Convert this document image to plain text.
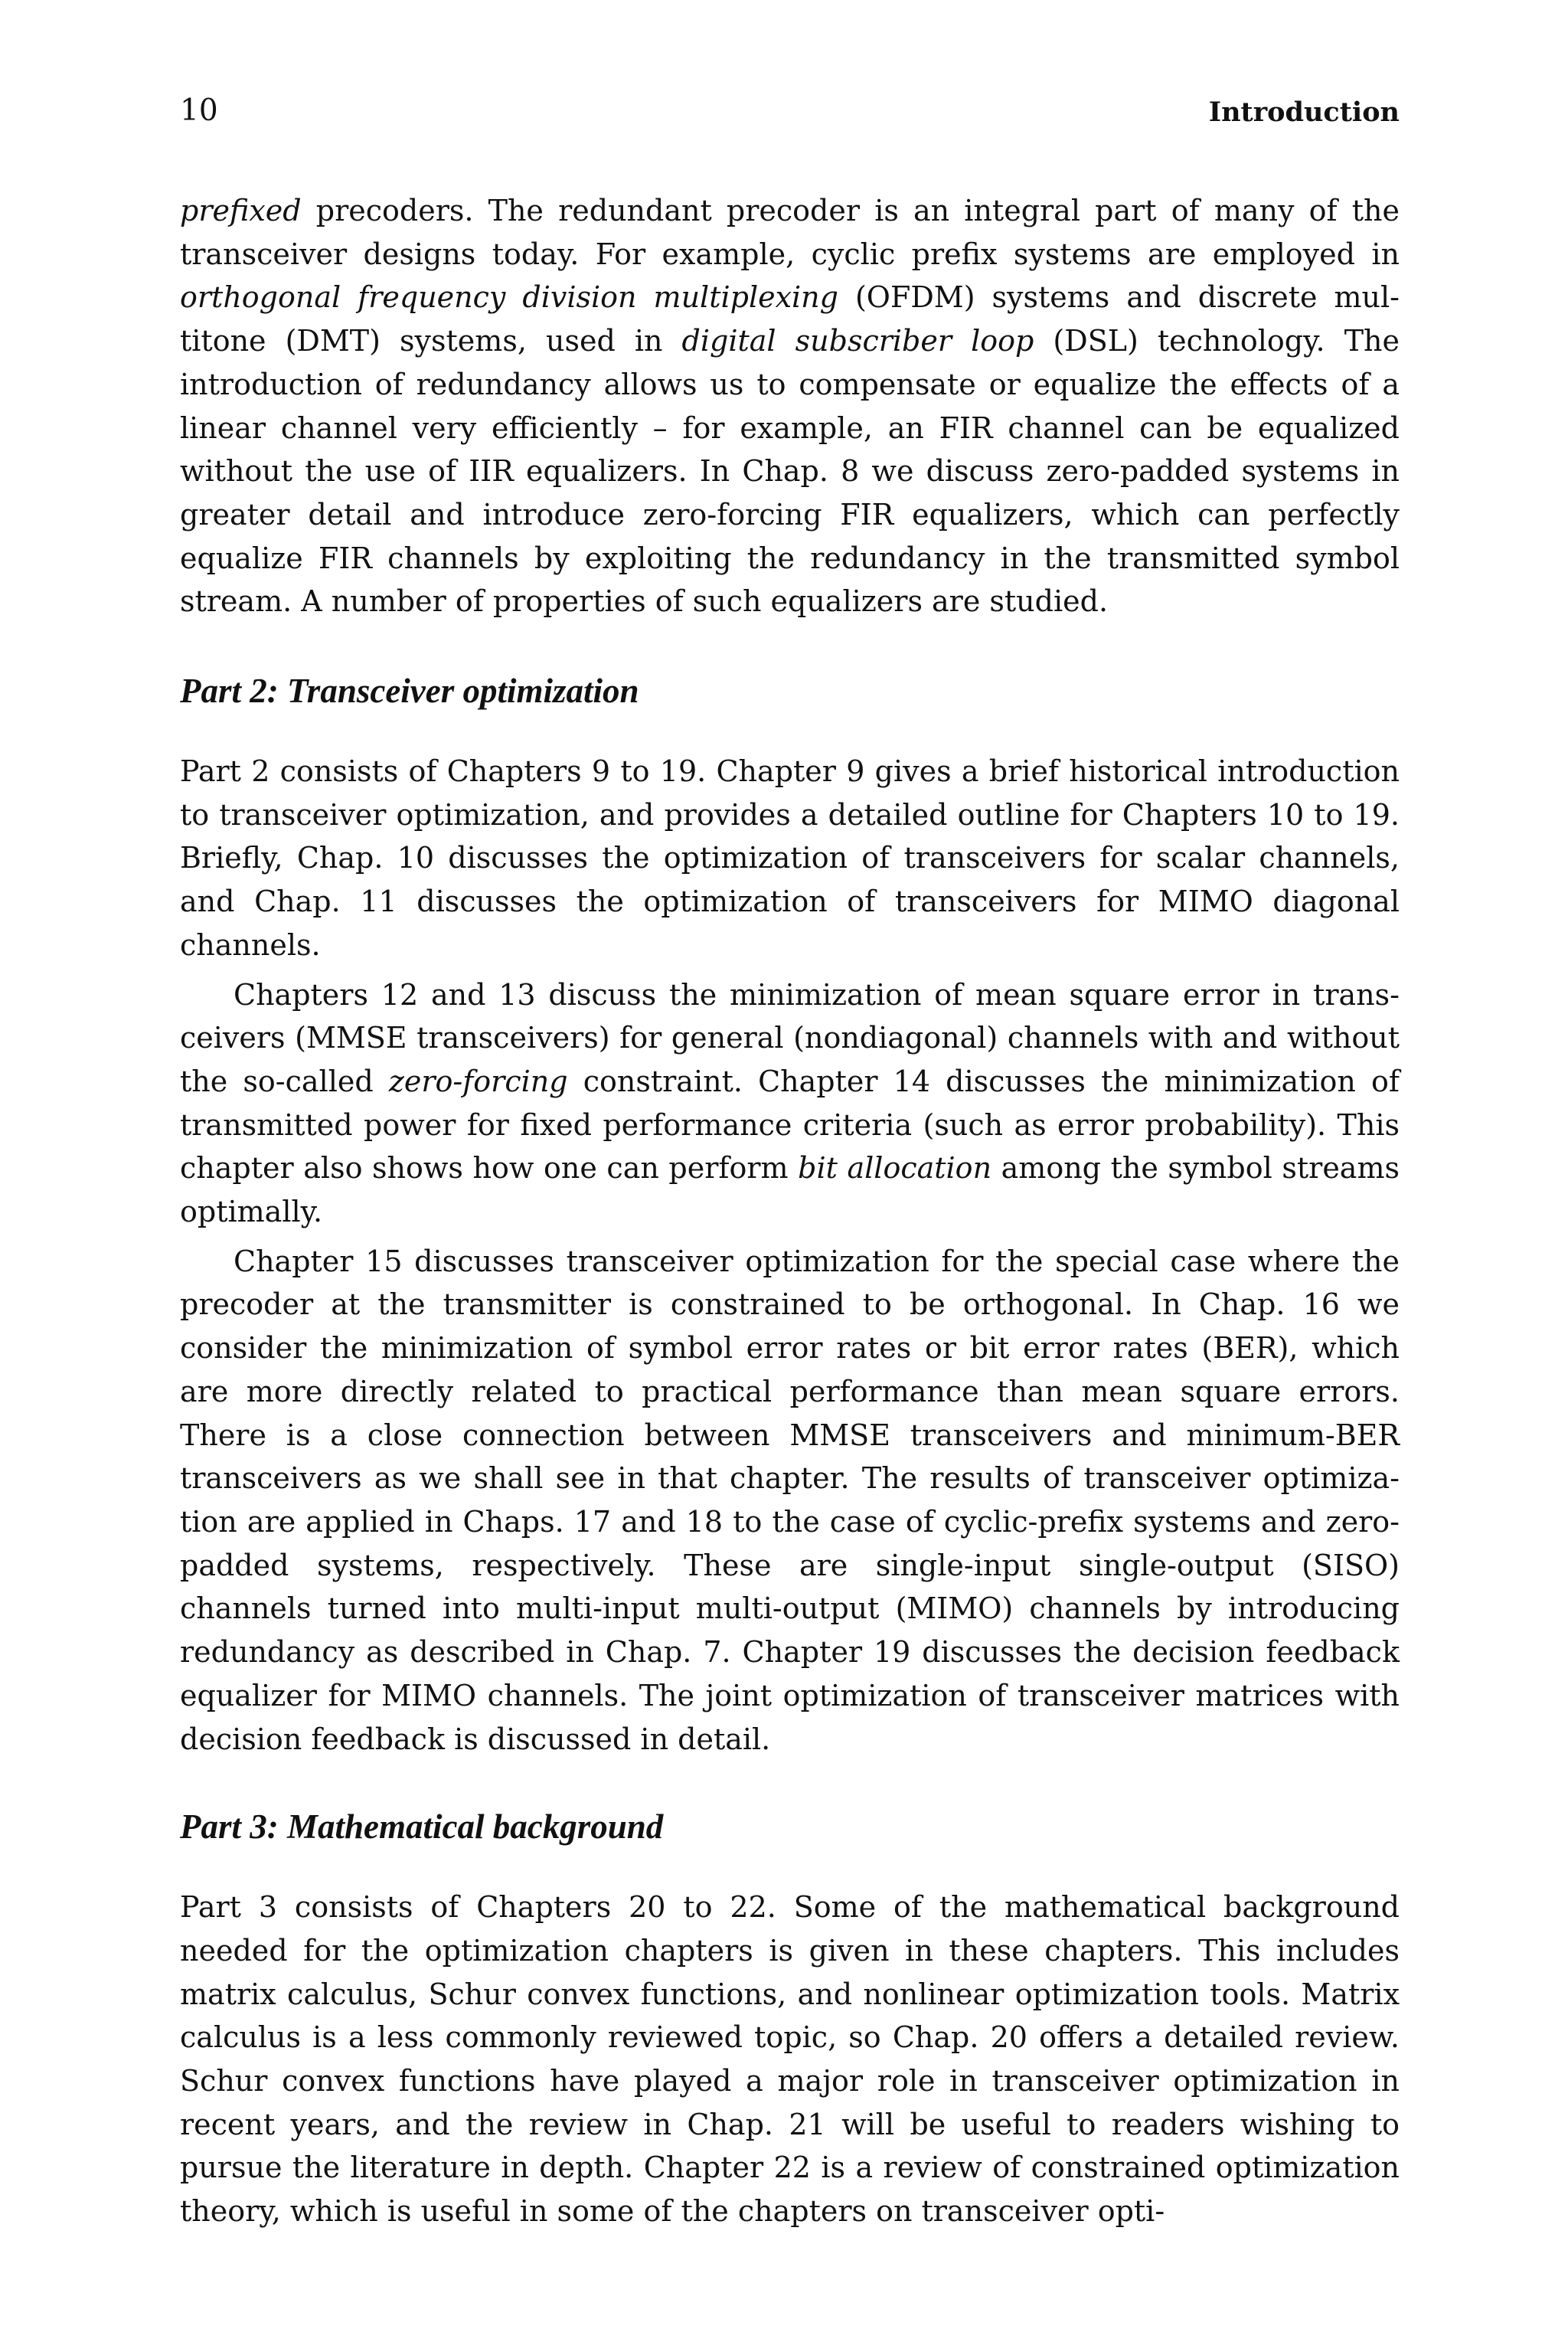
10	Introduction

prefixed precoders. The redundant precoder is an integral part of many of the transceiver designs today. For example, cyclic prefix systems are employed in orthogonal frequency division multiplexing (OFDM) systems and discrete multitone (DMT) systems, used in digital subscriber loop (DSL) technology. The introduction of redundancy allows us to compensate or equalize the effects of a linear channel very efficiently – for example, an FIR channel can be equalized without the use of IIR equalizers. In Chap. 8 we discuss zero-padded systems in greater detail and introduce zero-forcing FIR equalizers, which can perfectly equalize FIR channels by exploiting the redundancy in the transmitted symbol stream. A number of properties of such equalizers are studied.

Part 2: Transceiver optimization

Part 2 consists of Chapters 9 to 19. Chapter 9 gives a brief historical introduction to transceiver optimization, and provides a detailed outline for Chapters 10 to 19. Briefly, Chap. 10 discusses the optimization of transceivers for scalar channels, and Chap. 11 discusses the optimization of transceivers for MIMO diagonal channels.

Chapters 12 and 13 discuss the minimization of mean square error in transceivers (MMSE transceivers) for general (nondiagonal) channels with and without the so-called zero-forcing constraint. Chapter 14 discusses the minimization of transmitted power for fixed performance criteria (such as error probability). This chapter also shows how one can perform bit allocation among the symbol streams optimally.

Chapter 15 discusses transceiver optimization for the special case where the precoder at the transmitter is constrained to be orthogonal. In Chap. 16 we consider the minimization of symbol error rates or bit error rates (BER), which are more directly related to practical performance than mean square errors. There is a close connection between MMSE transceivers and minimum-BER transceivers as we shall see in that chapter. The results of transceiver optimization are applied in Chaps. 17 and 18 to the case of cyclic-prefix systems and zero-padded systems, respectively. These are single-input single-output (SISO) channels turned into multi-input multi-output (MIMO) channels by introducing redundancy as described in Chap. 7. Chapter 19 discusses the decision feedback equalizer for MIMO channels. The joint optimization of transceiver matrices with decision feedback is discussed in detail.

Part 3: Mathematical background

Part 3 consists of Chapters 20 to 22. Some of the mathematical background needed for the optimization chapters is given in these chapters. This includes matrix calculus, Schur convex functions, and nonlinear optimization tools. Matrix calculus is a less commonly reviewed topic, so Chap. 20 offers a detailed review. Schur convex functions have played a major role in transceiver optimization in recent years, and the review in Chap. 21 will be useful to readers wishing to pursue the literature in depth. Chapter 22 is a review of constrained optimization theory, which is useful in some of the chapters on transceiver opti-
